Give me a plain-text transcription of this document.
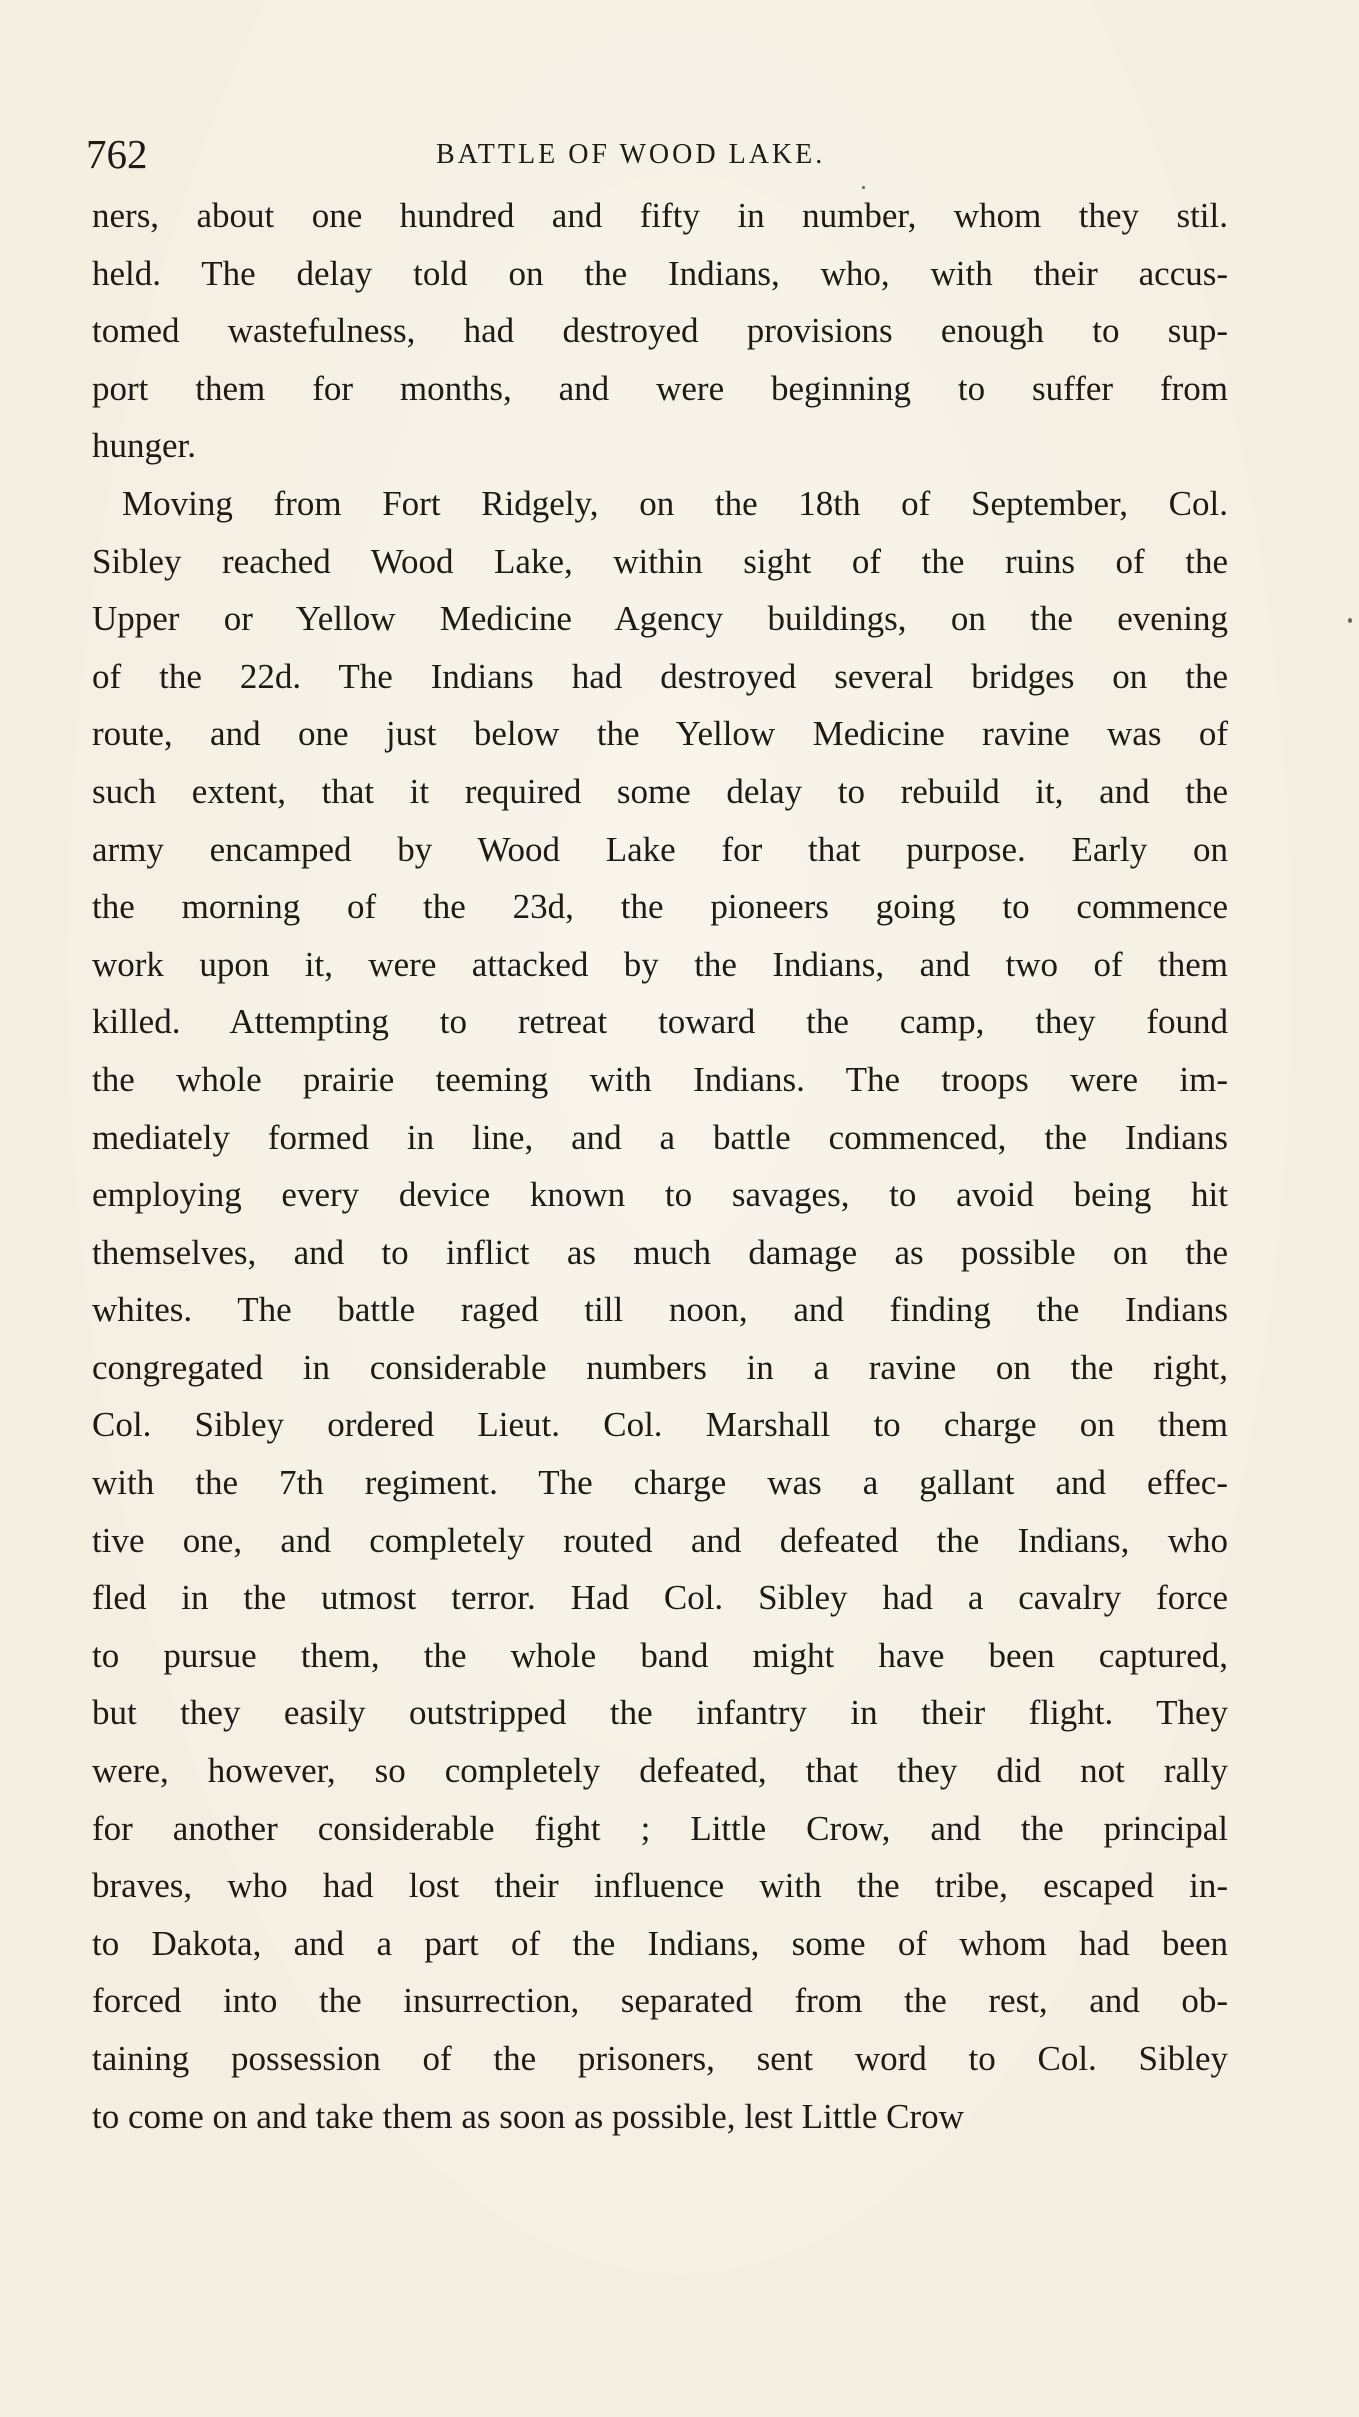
762	BATTLE OF WOOD LAKE.
ners, about one hundred and fifty in number, whom they stil.
held. The delay told on the Indians, who, with their accus-
tomed wastefulness, had destroyed provisions enough to sup-
port them for months, and were beginning to suffer from
hunger.
Moving from Fort Ridgely, on the 18th of September, Col.
Sibley reached Wood Lake, within sight of the ruins of the
Upper or Yellow Medicine Agency buildings, on the evening
of the 22d. The Indians had destroyed several bridges on the
route, and one just below the Yellow Medicine ravine was of
such extent, that it required some delay to rebuild it, and the
army encamped by Wood Lake for that purpose. Early on
the morning of the 23d, the pioneers going to commence
work upon it, were attacked by the Indians, and two of them
killed. Attempting to retreat toward the camp, they found
the whole prairie teeming with Indians. The troops were im-
mediately formed in line, and a battle commenced, the Indians
employing every device known to savages, to avoid being hit
themselves, and to inflict as much damage as possible on the
whites. The battle raged till noon, and finding the Indians
congregated in considerable numbers in a ravine on the right,
Col. Sibley ordered Lieut. Col. Marshall to charge on them
with the 7th regiment. The charge was a gallant and effec-
tive one, and completely routed and defeated the Indians, who
fled in the utmost terror. Had Col. Sibley had a cavalry force
to pursue them, the whole band might have been captured,
but they easily outstripped the infantry in their flight. They
were, however, so completely defeated, that they did not rally
for another considerable fight ; Little Crow, and the principal
braves, who had lost their influence with the tribe, escaped in-
to Dakota, and a part of the Indians, some of whom had been
forced into the insurrection, separated from the rest, and ob-
taining possession of the prisoners, sent word to Col. Sibley
to come on and take them as soon as possible, lest Little Crow
